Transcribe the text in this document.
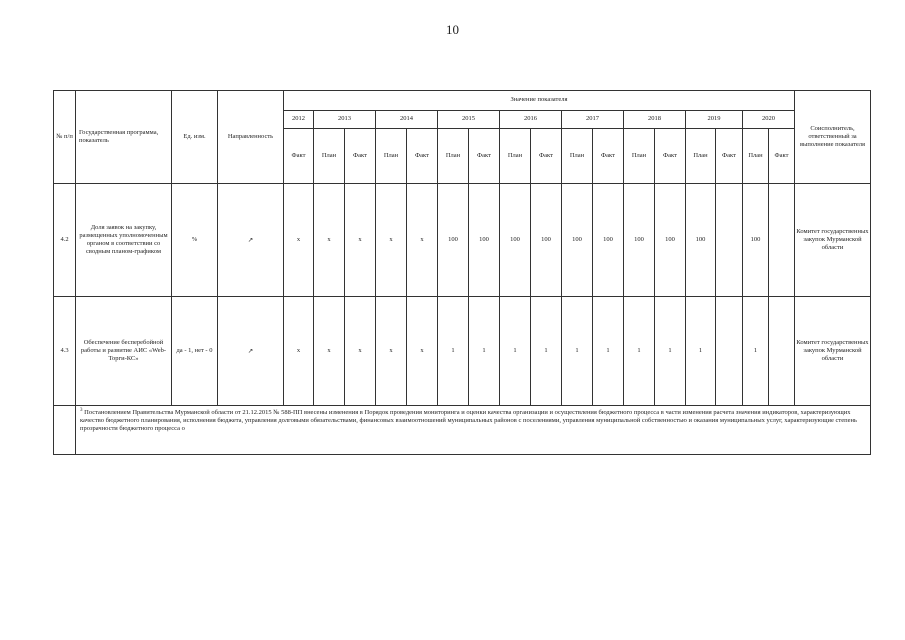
10
№ п/п	Государственная программа, показатель	Ед. изм.	Направленность	Значение показателя																	Соисполнитель, ответственный за выполнение показателя
				2012	2013		2014		2015		2016		2017		2018		2019		2020		
				Факт	План	Факт	План	Факт	План	Факт	План	Факт	План	Факт	План	Факт	План	Факт	План	Факт	
4.2	Доля заявок на закупку, размещенных уполномоченным органом в соответствии со сводным планом-графиком	%	↗	x	x	x	x	x	100	100	100	100	100	100	100	100	100		100		Комитет государственных закупок Мурманской области
4.3	Обеспечение бесперебойной работы и развитие АИС «Web-Торги-КС»	да - 1, нет - 0	↗	x	x	x	x	x	1	1	1	1	1	1	1	1	1		1		Комитет государственных закупок Мурманской области
	$^3$ Постановлением Правительства Мурманской области от 21.12.2015 № 588-ПП внесены изменения в Порядок проведения мониторинга и оценки качества организации и осуществления бюджетного процесса в части изменения расчета значения индикаторов, характеризующих качество бюджетного планирования, исполнения бюджета, управления долговыми обязательствами, финансовых взаимоотношений муниципальных районов с поселениями, управления муниципальной собственностью и оказания муниципальных услуг, характеризующие степень прозрачности бюджетного процесса о																				
